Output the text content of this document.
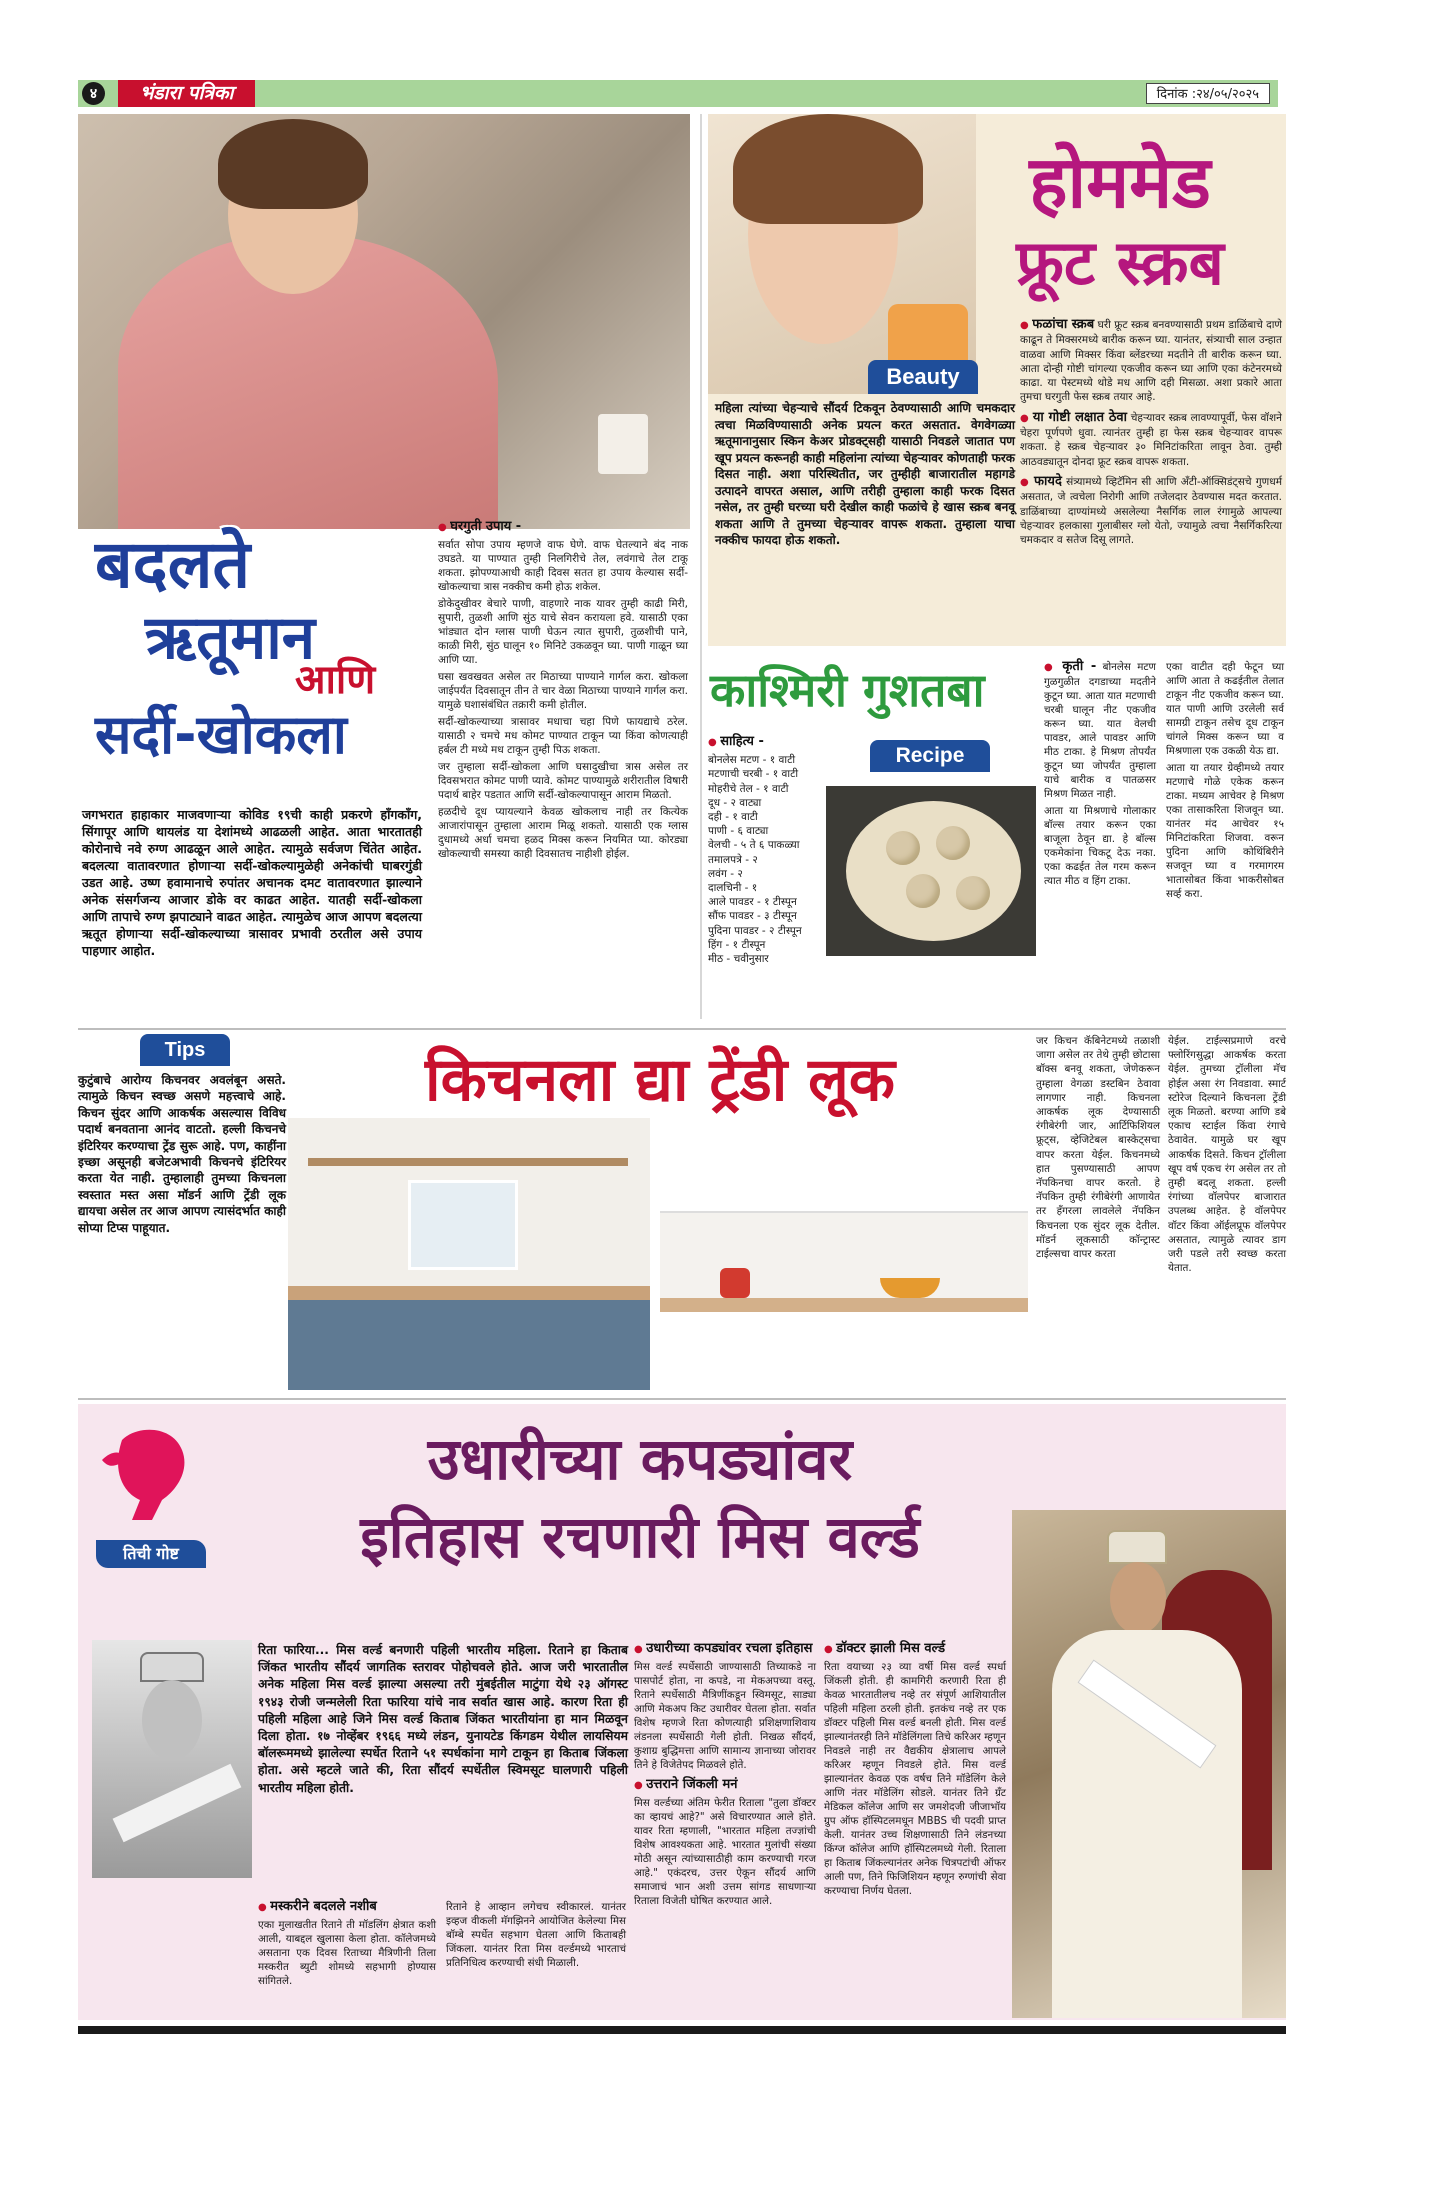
४	भंडारा पत्रिका	दिनांक :२४/०५/२०२५
बदलते
ऋतूमान
आणि
सर्दी-खोकला
जगभरात हाहाकार माजवणाऱ्या कोविड १९ची काही प्रकरणे हाँगकाँग, सिंगापूर आणि थायलंड या देशांमध्ये आढळली आहेत. आता भारतातही कोरोनाचे नवे रुग्ण आढळून आले आहेत. त्यामुळे सर्वजण चिंतेत आहेत. बदलत्या वातावरणात होणाऱ्या सर्दी-खोकल्यामुळेही अनेकांची घाबरगुंडी उडत आहे. उष्ण हवामानाचे रुपांतर अचानक दमट वातावरणात झाल्याने अनेक संसर्गजन्य आजार डोके वर काढत आहेत. यातही सर्दी-खोकला आणि तापाचे रुग्ण झपाट्याने वाढत आहेत. त्यामुळेच आज आपण बदलत्या ऋतूत होणाऱ्या सर्दी-खोकल्याच्या त्रासावर प्रभावी ठरतील असे उपाय पाहणार आहोत.

● घरगुती उपाय -

सर्वात सोपा उपाय म्हणजे वाफ घेणे. वाफ घेतल्याने बंद नाक उघडते. या पाण्यात तुम्ही निलगिरीचे तेल, लवंगाचे तेल टाकू शकता. झोपण्याआधी काही दिवस सतत हा उपाय केल्यास सर्दी-खोकल्याचा त्रास नक्कीच कमी होऊ शकेल.

डोकेदुखीवर बेचारे पाणी, वाहणारे नाक यावर तुम्ही काढी मिरी, सुपारी, तुळशी आणि सुंठ याचे सेवन करायला हवे. यासाठी एका भांड्यात दोन ग्लास पाणी घेऊन त्यात सुपारी, तुळशीची पाने, काळी मिरी, सुंठ घालून १० मिनिटे उकळवून घ्या. पाणी गाळून घ्या आणि प्या.

घसा खवखवत असेल तर मिठाच्या पाण्याने गार्गल करा. खोकला जाईपर्यंत दिवसातून तीन ते चार वेळा मिठाच्या पाण्याने गार्गल करा. यामुळे घशासंबंधित तक्रारी कमी होतील.

सर्दी-खोकल्याच्या त्रासावर मधाचा चहा पिणे फायद्याचे ठरेल. यासाठी २ चमचे मध कोमट पाण्यात टाकून प्या किंवा कोणत्याही हर्बल टी मध्ये मध टाकून तुम्ही पिऊ शकता.

जर तुम्हाला सर्दी-खोकला आणि घसादुखीचा त्रास असेल तर दिवसभरात कोमट पाणी प्यावे. कोमट पाण्यामुळे शरीरातील विषारी पदार्थ बाहेर पडतात आणि सर्दी-खोकल्यापासून आराम मिळतो.

हळदीचे दूध प्यायल्याने केवळ खोकलाच नाही तर कित्येक आजारांपासून तुम्हाला आराम मिळू शकतो. यासाठी एक ग्लास दुधामध्ये अर्धा चमचा हळद मिक्स करून नियमित प्या. कोरड्या खोकल्याची समस्या काही दिवसातच नाहीशी होईल.

होममेड
फ्रूट स्क्रब
Beauty
महिला त्यांच्या चेहऱ्याचे सौंदर्य टिकवून ठेवण्यासाठी आणि चमकदार त्वचा मिळविण्यासाठी अनेक प्रयत्न करत असतात. वेगवेगळ्या ऋतूमानानुसार स्किन केअर प्रोडक्ट्सही यासाठी निवडले जातात पण खूप प्रयत्न करूनही काही महिलांना त्यांच्या चेहऱ्यावर कोणताही फरक दिसत नाही. अशा परिस्थितीत, जर तुम्हीही बाजारातील महागडे उत्पादने वापरत असाल, आणि तरीही तुम्हाला काही फरक दिसत नसेल, तर तुम्ही घरच्या घरी देखील काही फळांचे हे खास स्क्रब बनवू शकता आणि ते तुमच्या चेहऱ्यावर वापरू शकता. तुम्हाला याचा नक्कीच फायदा होऊ शकतो.

● फळांचा स्क्रब घरी फ्रूट स्क्रब बनवण्यासाठी प्रथम डाळिंबाचे दाणे काढून ते मिक्सरमध्ये बारीक करून घ्या. यानंतर, संत्र्याची साल उन्हात वाळवा आणि मिक्सर किंवा ब्लेंडरच्या मदतीने ती बारीक करून घ्या. आता दोन्ही गोष्टी चांगल्या एकजीव करून घ्या आणि एका कंटेनरमध्ये काढा. या पेस्टमध्ये थोडे मध आणि दही मिसळा. अशा प्रकारे आता तुमचा घरगुती फेस स्क्रब तयार आहे.

● या गोष्टी लक्षात ठेवा चेहऱ्यावर स्क्रब लावण्यापूर्वी, फेस वॉशने चेहरा पूर्णपणे धुवा. त्यानंतर तुम्ही हा फेस स्क्रब चेहऱ्यावर वापरू शकता. हे स्क्रब चेहऱ्यावर ३० मिनिटांकरिता लावून ठेवा. तुम्ही आठवड्यातून दोनदा फ्रूट स्क्रब वापरू शकता.

● फायदे संत्र्यामध्ये व्हिटॅमिन सी आणि अँटी-ऑक्सिडंट्सचे गुणधर्म असतात, जे त्वचेला निरोगी आणि तजेलदार ठेवण्यास मदत करतात. डाळिंबाच्या दाण्यांमध्ये असलेल्या नैसर्गिक लाल रंगामुळे आपल्या चेहऱ्यावर हलकासा गुलाबीसर ग्लो येतो, ज्यामुळे त्वचा नैसर्गिकरित्या चमकदार व सतेज दिसू लागते.

काश्मिरी गुशतबा
Recipe

● साहित्य -

बोनलेस मटण - १ वाटी
मटणाची चरबी - १ वाटी
मोहरीचे तेल - १ वाटी
दूध - २ वाट्या
दही - १ वाटी
पाणी - ६ वाट्या
वेलची - ५ ते ६ पाकळ्या
तमालपत्रे - २
लवंग - २
दालचिनी - १
आले पावडर - १ टीस्पून
सौंफ पावडर - ३ टीस्पून
पुदिना पावडर - २ टीस्पून
हिंग - १ टीस्पून
मीठ - चवीनुसार

● कृती - बोनलेस मटण गुळगुळीत दगडाच्या मदतीने कुटून घ्या. आता यात मटणाची चरबी घालून नीट एकजीव करून घ्या. यात वेलची पावडर, आले पावडर आणि मीठ टाका. हे मिश्रण तोपर्यंत कुटून घ्या जोपर्यंत तुम्हाला याचे बारीक व पातळसर मिश्रण मिळत नाही.

आता या मिश्रणाचे गोलाकार बॉल्स तयार करून एका बाजूला ठेवून द्या. हे बॉल्स एकमेकांना चिकटू देऊ नका. एका कढईत तेल गरम करून त्यात मीठ व हिंग टाका.

एका वाटीत दही फेटून घ्या आणि आता ते कढईतील तेलात टाकून नीट एकजीव करून घ्या. यात पाणी आणि उरलेली सर्व सामग्री टाकून तसेच दूध टाकून चांगले मिक्स करून घ्या व मिश्रणाला एक उकळी येऊ द्या.

आता या तयार ग्रेव्हीमध्ये तयार मटणाचे गोळे एकेक करून टाका. मध्यम आचेवर हे मिश्रण एका तासाकरिता शिजवून घ्या. यानंतर मंद आचेवर १५ मिनिटांकरिता शिजवा. वरून पुदिना आणि कोथिंबिरीने सजवून घ्या व गरमागरम भातासोबत किंवा भाकरीसोबत सर्व्ह करा.

Tips
कुटुंबाचे आरोग्य किचनवर अवलंबून असते. त्यामुळे किचन स्वच्छ असणे महत्त्वाचे आहे. किचन सुंदर आणि आकर्षक असल्यास विविध पदार्थ बनवताना आनंद वाटतो. हल्ली किचनचे इंटिरियर करण्याचा ट्रेंड सुरू आहे. पण, काहींना इच्छा असूनही बजेटअभावी किचनचे इंटिरियर करता येत नाही. तुम्हालाही तुमच्या किचनला स्वस्तात मस्त असा मॉडर्न आणि ट्रेंडी लूक द्यायचा असेल तर आज आपण त्यासंदर्भात काही सोप्या टिप्स पाहूयात.
किचनला द्या ट्रेंडी लूक
जर किचन कॅबिनेटमध्ये तळाशी जागा असेल तर तेथे तुम्ही छोटासा बॉक्स बनवू शकता, जेणेकरून तुम्हाला वेगळा डस्टबिन ठेवावा लागणार नाही. किचनला आकर्षक लूक देण्यासाठी रंगीबेरंगी जार, आर्टिफिशियल फ्रूट्स, व्हेजिटेबल बास्केट्सचा वापर करता येईल. किचनमध्ये हात पुसण्यासाठी आपण नॅपकिनचा वापर करतो. हे नॅपकिन तुम्ही रंगीबेरंगी आणायेत तर हॅंगरला लावलेले नॅपकिन किचनला एक सुंदर लूक देतील. मॉडर्न लूकसाठी कॉन्ट्रास्ट टाईल्सचा वापर करता
येईल. टाईल्सप्रमाणे वरचे फ्लोरिंगसुद्धा आकर्षक करता येईल. तुमच्या ट्रॉलीला मॅच होईल असा रंग निवडावा. स्मार्ट स्टोरेज दिल्याने किचनला ट्रेंडी लूक मिळतो. बरण्या आणि डबे एकाच स्टाईल किंवा रंगाचे ठेवावेत. यामुळे घर खूप आकर्षक दिसते. किचन ट्रॉलीला खूप वर्ष एकच रंग असेल तर तो तुम्ही बदलू शकता. हल्ली रंगांच्या वॉलपेपर बाजारात उपलब्ध आहेत. हे वॉलपेपर वॉटर किंवा ऑईलप्रूफ वॉलपेपर असतात, त्यामुळे त्यावर डाग जरी पडले तरी स्वच्छ करता येतात.
तिची गोष्ट
उधारीच्या कपड्यांवर
इतिहास रचणारी मिस वर्ल्ड
रिता फारिया... मिस वर्ल्ड बनणारी पहिली भारतीय महिला. रिताने हा किताब जिंकत भारतीय सौंदर्य जागतिक स्तरावर पोहोचवले होते. आज जरी भारतातील अनेक महिला मिस वर्ल्ड झाल्या असल्या तरी मुंबईतील माटुंगा येथे २३ ऑगस्ट १९४३ रोजी जन्मलेली रिता फारिया यांचे नाव सर्वात खास आहे. कारण रिता ही पहिली महिला आहे जिने मिस वर्ल्ड किताब जिंकत भारतीयांना हा मान मिळवून दिला होता. १७ नोव्हेंबर १९६६ मध्ये लंडन, युनायटेड किंगडम येथील लायसियम बॉलरूममध्ये झालेल्या स्पर्धेत रिताने ५१ स्पर्धकांना मागे टाकून हा किताब जिंकला होता. असे म्हटले जाते की, रिता सौंदर्य स्पर्धेतील स्विमसूट घालणारी पहिली भारतीय महिला होती.

● मस्करीने बदलले नशीब

एका मुलाखतीत रिताने ती मॉडलिंग क्षेत्रात कशी आली, याबद्दल खुलासा केला होता. कॉलेजमध्ये असताना एक दिवस रिताच्या मैत्रिणीनी तिला मस्करीत ब्युटी शोमध्ये सहभागी होण्यास सांगितले.

रिताने हे आव्हान लगेचच स्वीकारलं. यानंतर इव्हज वीकली मॅगझिनने आयोजित केलेल्या मिस बॉम्बे स्पर्धेत सहभाग घेतला आणि किताबही जिंकला. यानंतर रिता मिस वर्ल्डमध्ये भारताचं प्रतिनिधित्व करण्याची संधी मिळाली.

● उधारीच्या कपड्यांवर रचला इतिहास

मिस वर्ल्ड स्पर्धेसाठी जाण्यासाठी तिच्याकडे ना पासपोर्ट होता, ना कपडे, ना मेकअपच्या वस्तू. रिताने स्पर्धेसाठी मैत्रिणींकडून स्विमसूट, साड्या आणि मेकअप किट उधारीवर घेतला होता. सर्वात विशेष म्हणजे रिता कोणत्याही प्रशिक्षणाशिवाय लंडनला स्पर्धेसाठी गेली होती. निखळ सौंदर्य, कुशाग्र बुद्धिमत्ता आणि सामान्य ज्ञानाच्या जोरावर तिने हे विजेतेपद मिळवले होते.

● उत्तराने जिंकली मनं

मिस वर्ल्डच्या अंतिम फेरीत रिताला "तुला डॉक्टर का व्हायचं आहे?" असे विचारण्यात आले होते. यावर रिता म्हणाली, "भारतात महिला तज्ज्ञांची विशेष आवश्यकता आहे. भारतात मुलांची संख्या मोठी असून त्यांच्यासाठीही काम करण्याची गरज आहे." एकंदरच, उत्तर ऐकून सौंदर्य आणि समाजाचं भान अशी उत्तम सांगड साधणाऱ्या रिताला विजेती घोषित करण्यात आले.

● डॉक्टर झाली मिस वर्ल्ड

रिता वयाच्या २३ व्या वर्षी मिस वर्ल्ड स्पर्धा जिंकली होती. ही कामगिरी करणारी रिता ही केवळ भारतातीलच नव्हे तर संपूर्ण आशियातील पहिली महिला ठरली होती. इतकंच नव्हे तर एक डॉक्टर पहिली मिस वर्ल्ड बनली होती. मिस वर्ल्ड झाल्यानंतरही तिने मॉडेलिंगला तिचे करिअर म्हणून निवडले नाही तर वैद्यकीय क्षेत्रालाच आपले करिअर म्हणून निवडले होते. मिस वर्ल्ड झाल्यानंतर केवळ एक वर्षच तिने मॉडेलिंग केले आणि नंतर मॉडेलिंग सोडले. यानंतर तिने ग्रँट मेडिकल कॉलेज आणि सर जमशेदजी जीजाभॉय ग्रुप ऑफ हॉस्पिटलमधून MBBS ची पदवी प्राप्त केली. यानंतर उच्च शिक्षणासाठी तिने लंडनच्या किंग्ज कॉलेज आणि हॉस्पिटलमध्ये गेली. रिताला हा किताब जिंकल्यानंतर अनेक चित्रपटांची ऑफर आली पण, तिने फिजिशियन म्हणून रुग्णांची सेवा करण्याचा निर्णय घेतला.
